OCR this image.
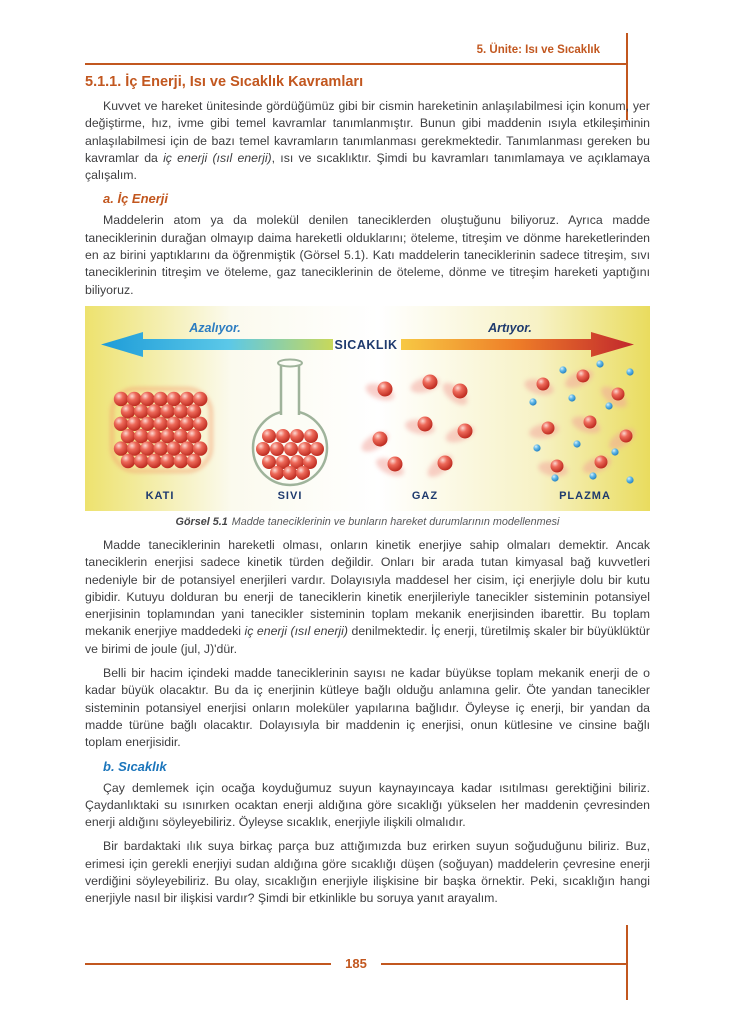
5. Ünite: Isı ve Sıcaklık
5.1.1. İç Enerji, Isı ve Sıcaklık Kavramları

Kuvvet ve hareket ünitesinde gördüğümüz gibi bir cismin hareketinin anlaşılabilmesi için konum, yer değiştirme, hız, ivme gibi temel kavramlar tanımlanmıştır. Bunun gibi maddenin ısıyla etkileşiminin anlaşılabilmesi için de bazı temel kavramların tanımlanması gerekmektedir. Tanımlanması gereken bu kavramlar da iç enerji (ısıl enerji), ısı ve sıcaklıktır. Şimdi bu kavramları tanımlamaya ve açıklamaya çalışalım.

a. İç Enerji

Maddelerin atom ya da molekül denilen taneciklerden oluştuğunu biliyoruz. Ayrıca madde taneciklerinin durağan olmayıp daima hareketli olduklarını; öteleme, titreşim ve dönme hareketlerinden en az birini yaptıklarını da öğrenmiştik (Görsel 5.1). Katı maddelerin taneciklerinin sadece titreşim, sıvı taneciklerinin titreşim ve öteleme, gaz taneciklerinin de öteleme, dönme ve titreşim hareketi yaptığını biliyoruz.

Azalıyor.
SICAKLIK
Artıyor.
KATI	SIVI	GAZ	PLAZMA
Görsel 5.1 Madde taneciklerinin ve bunların hareket durumlarının modellenmesi

Madde taneciklerinin hareketli olması, onların kinetik enerjiye sahip olmaları demektir. Ancak taneciklerin enerjisi sadece kinetik türden değildir. Onları bir arada tutan kimyasal bağ kuvvetleri nedeniyle bir de potansiyel enerjileri vardır. Dolayısıyla maddesel her cisim, içi enerjiyle dolu bir kutu gibidir. Kutuyu dolduran bu enerji de taneciklerin kinetik enerjileriyle tanecikler sisteminin potansiyel enerjisinin toplamından yani tanecikler sisteminin toplam mekanik enerjisinden ibarettir. Bu toplam mekanik enerjiye maddedeki iç enerji (ısıl enerji) denilmektedir. İç enerji, türetilmiş skaler bir büyüklüktür ve birimi de joule (jul, J)'dür.

Belli bir hacim içindeki madde taneciklerinin sayısı ne kadar büyükse toplam mekanik enerji de o kadar büyük olacaktır. Bu da iç enerjinin kütleye bağlı olduğu anlamına gelir. Öte yandan tanecikler sisteminin potansiyel enerjisi onların moleküler yapılarına bağlıdır. Öyleyse iç enerji, bir yandan da madde türüne bağlı olacaktır. Dolayısıyla bir maddenin iç enerjisi, onun kütlesine ve cinsine bağlı toplam enerjisidir.

b. Sıcaklık

Çay demlemek için ocağa koyduğumuz suyun kaynayıncaya kadar ısıtılması gerektiğini biliriz. Çaydanlıktaki su ısınırken ocaktan enerji aldığına göre sıcaklığı yükselen her maddenin çevresinden enerji aldığını söyleyebiliriz. Öyleyse sıcaklık, enerjiyle ilişkili olmalıdır.

Bir bardaktaki ılık suya birkaç parça buz attığımızda buz erirken suyun soğuduğunu biliriz. Buz, erimesi için gerekli enerjiyi sudan aldığına göre sıcaklığı düşen (soğuyan) maddelerin çevresine enerji verdiğini söyleyebiliriz. Bu olay, sıcaklığın enerjiyle ilişkisine bir başka örnektir. Peki, sıcaklığın hangi enerjiyle nasıl bir ilişkisi vardır? Şimdi bir etkinlikle bu soruya yanıt arayalım.

185
